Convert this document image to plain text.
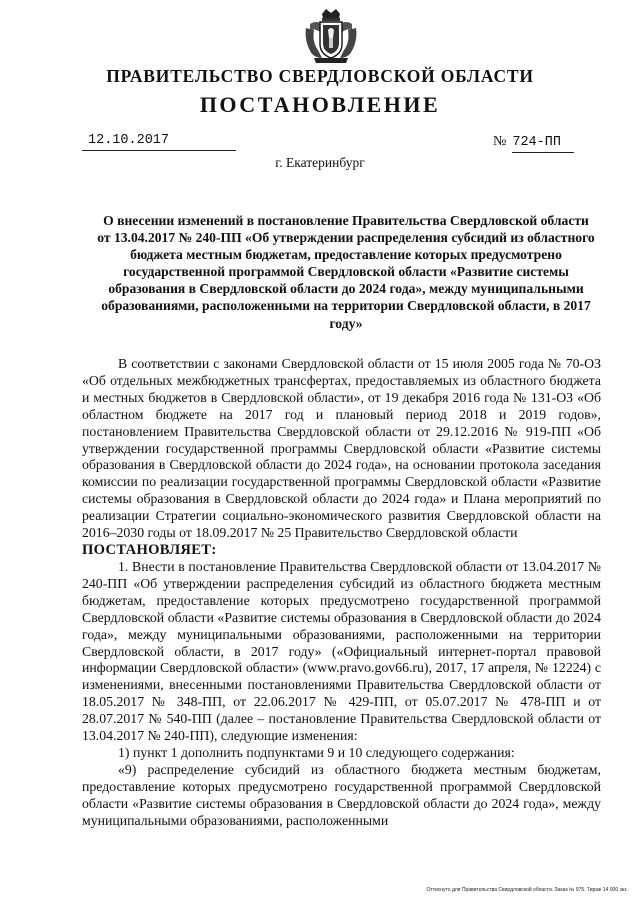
ПРАВИТЕЛЬСТВО СВЕРДЛОВСКОЙ ОБЛАСТИ
ПОСТАНОВЛЕНИЕ
12.10.2017	№ 724-ПП
г. Екатеринбург
О внесении изменений в постановление Правительства Свердловской области от 13.04.2017 № 240-ПП «Об утверждении распределения субсидий из областного бюджета местным бюджетам, предоставление которых предусмотрено государственной программой Свердловской области «Развитие системы образования в Свердловской области до 2024 года», между муниципальными образованиями, расположенными на территории Свердловской области, в 2017 году»

В соответствии с законами Свердловской области от 15 июля 2005 года № 70-ОЗ «Об отдельных межбюджетных трансфертах, предоставляемых из областного бюджета и местных бюджетов в Свердловской области», от 19 декабря 2016 года № 131-ОЗ «Об областном бюджете на 2017 год и плановый период 2018 и 2019 годов», постановлением Правительства Свердловской области от 29.12.2016 № 919-ПП «Об утверждении государственной программы Свердловской области «Развитие системы образования в Свердловской области до 2024 года», на основании протокола заседания комиссии по реализации государственной программы Свердловской области «Развитие системы образования в Свердловской области до 2024 года» и Плана мероприятий по реализации Стратегии социально-экономического развития Свердловской области на 2016–2030 годы от 18.09.2017 № 25 Правительство Свердловской области

ПОСТАНОВЛЯЕТ:

1. Внести в постановление Правительства Свердловской области от 13.04.2017 № 240-ПП «Об утверждении распределения субсидий из областного бюджета местным бюджетам, предоставление которых предусмотрено государственной программой Свердловской области «Развитие системы образования в Свердловской области до 2024 года», между муниципальными образованиями, расположенными на территории Свердловской области, в 2017 году» («Официальный интернет-портал правовой информации Свердловской области» (www.pravo.gov66.ru), 2017, 17 апреля, № 12224) с изменениями, внесенными постановлениями Правительства Свердловской области от 18.05.2017 № 348-ПП, от 22.06.2017 № 429-ПП, от 05.07.2017 № 478-ПП и от 28.07.2017 № 540-ПП (далее – постановление Правительства Свердловской области от 13.04.2017 № 240-ПП), следующие изменения:

1) пункт 1 дополнить подпунктами 9 и 10 следующего содержания:

«9) распределение субсидий из областного бюджета местным бюджетам, предоставление которых предусмотрено государственной программой Свердловской области «Развитие системы образования в Свердловской области до 2024 года», между муниципальными образованиями, расположенными

Оттиснуто для Правительства Свердловской области. Заказ № 975. Тираж 14 000 экз.
